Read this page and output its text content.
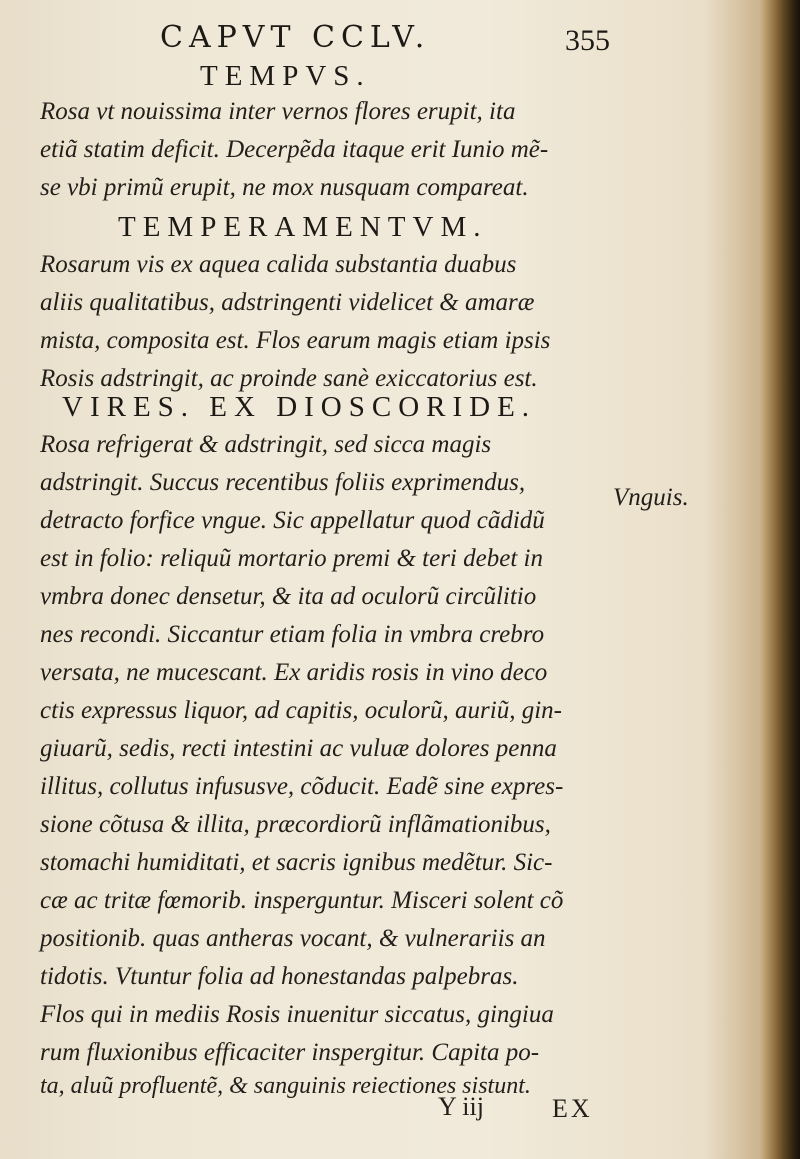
CAPVT CCLV.	355
TEMPVS.
Rosa vt nouissima inter vernos flores erupit, ita
etiã statim deficit. Decerpẽda itaque erit Iunio mẽ-
se vbi primũ erupit, ne mox nusquam compareat.
TEMPERAMENTVM.
Rosarum vis ex aquea calida substantia duabus
aliis qualitatibus, adstringenti videlicet & amaræ
mista, composita est. Flos earum magis etiam ipsis
Rosis adstringit, ac proinde sanè exiccatorius est.
VIRES. EX DIOSCORIDE.
Rosa refrigerat & adstringit, sed sicca magis
adstringit. Succus recentibus foliis exprimendus,
detracto forfice vngue. Sic appellatur quod cãdidũ
est in folio: reliquũ mortario premi & teri debet in
vmbra donec densetur, & ita ad oculorũ circũlitio
nes recondi. Siccantur etiam folia in vmbra crebro
versata, ne mucescant. Ex aridis rosis in vino deco
ctis expressus liquor, ad capitis, oculorũ, auriũ, gin-
giuarũ, sedis, recti intestini ac vuluæ dolores penna
illitus, collutus infususve, cõducit. Eadẽ sine expres-
sione cõtusa & illita, præcordiorũ inflãmationibus,
stomachi humiditati, et sacris ignibus medẽtur. Sic-
cæ ac tritæ fœmorib. insperguntur. Misceri solent cõ
positionib. quas antheras vocant, & vulnerariis an
tidotis. Vtuntur folia ad honestandas palpebras.
Flos qui in mediis Rosis inuenitur siccatus, gingiua
rum fluxionibus efficaciter inspergitur. Capita po-
ta, aluũ profluentẽ, & sanguinis reiectiones sistunt.
Vnguis.
Y iij	EX
